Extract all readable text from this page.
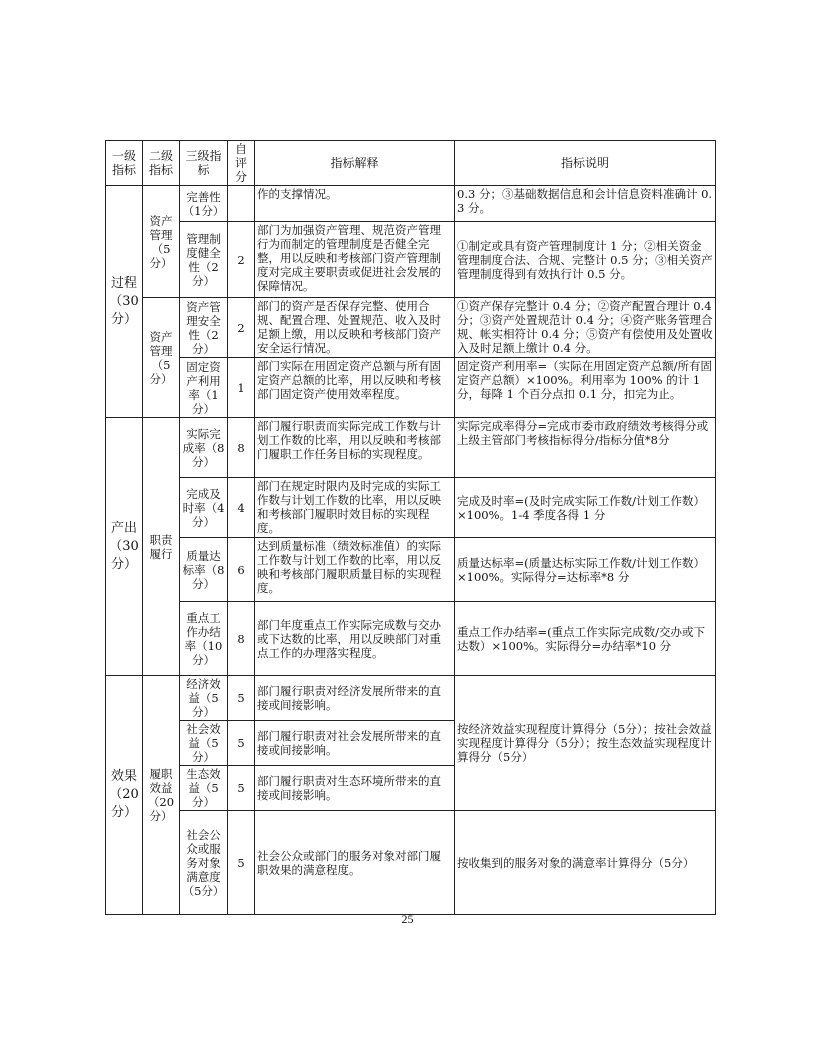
一级指标	二级指标	三级指标	自评分	指标解释	指标说明
过程（30分）	资产管理（5分）	完善性（1分）		作的支撑情况。	0.3 分；③基础数据信息和会计信息资料准确计 0.3 分。
		管理制度健全性（2分）	2	部门为加强资产管理、规范资产管理行为而制定的管理制度是否健全完整，用以反映和考核部门资产管理制度对完成主要职责或促进社会发展的保障情况。	①制定或具有资产管理制度计 1 分；②相关资金管理制度合法、合规、完整计 0.5 分；③相关资产管理制度得到有效执行计 0.5 分。
	资产管理（5分）	资产管理安全性（2分）	2	部门的资产是否保存完整、使用合规、配置合理、处置规范、收入及时足额上缴，用以反映和考核部门资产安全运行情况。	①资产保存完整计 0.4 分；②资产配置合理计 0.4 分；③资产处置规范计 0.4 分；④资产账务管理合规、帐实相符计 0.4 分；⑤资产有偿使用及处置收入及时足额上缴计 0.4 分。
		固定资产利用率（1分）	1	部门实际在用固定资产总额与所有固定资产总额的比率，用以反映和考核部门固定资产使用效率程度。	固定资产利用率=（实际在用固定资产总额/所有固定资产总额）×100%。利用率为 100% 的计 1 分，每降 1 个百分点扣 0.1 分，扣完为止。
产出（30分）	职责履行	实际完成率（8分）	8	部门履行职责而实际完成工作数与计划工作数的比率，用以反映和考核部门履职工作任务目标的实现程度。	实际完成率得分=完成市委市政府绩效考核得分或上级主管部门考核指标得分/指标分值*8分
		完成及时率（4分）	4	部门在规定时限内及时完成的实际工作数与计划工作数的比率，用以反映和考核部门履职时效目标的实现程度。	完成及时率=(及时完成实际工作数/计划工作数）×100%。1-4 季度各得 1 分
		质量达标率（8分）	6	达到质量标准（绩效标准值）的实际工作数与计划工作数的比率，用以反映和考核部门履职质量目标的实现程度。	质量达标率=(质量达标实际工作数/计划工作数）×100%。实际得分=达标率*8 分
		重点工作办结率（10分）	8	部门年度重点工作实际完成数与交办或下达数的比率，用以反映部门对重点工作的办理落实程度。	重点工作办结率=(重点工作实际完成数/交办或下达数）×100%。实际得分=办结率*10 分
效果（20分）	履职效益（20分）	经济效益（5分）	5	部门履行职责对经济发展所带来的直接或间接影响。	按经济效益实现程度计算得分（5分）；按社会效益实现程度计算得分（5分）；按生态效益实现程度计算得分（5分）
		社会效益（5分）	5	部门履行职责对社会发展所带来的直接或间接影响。	
		生态效益（5分）	5	部门履行职责对生态环境所带来的直接或间接影响。	
		社会公众或服务对象满意度（5分）	5	社会公众或部门的服务对象对部门履职效果的满意程度。	按收集到的服务对象的满意率计算得分（5分）
25
